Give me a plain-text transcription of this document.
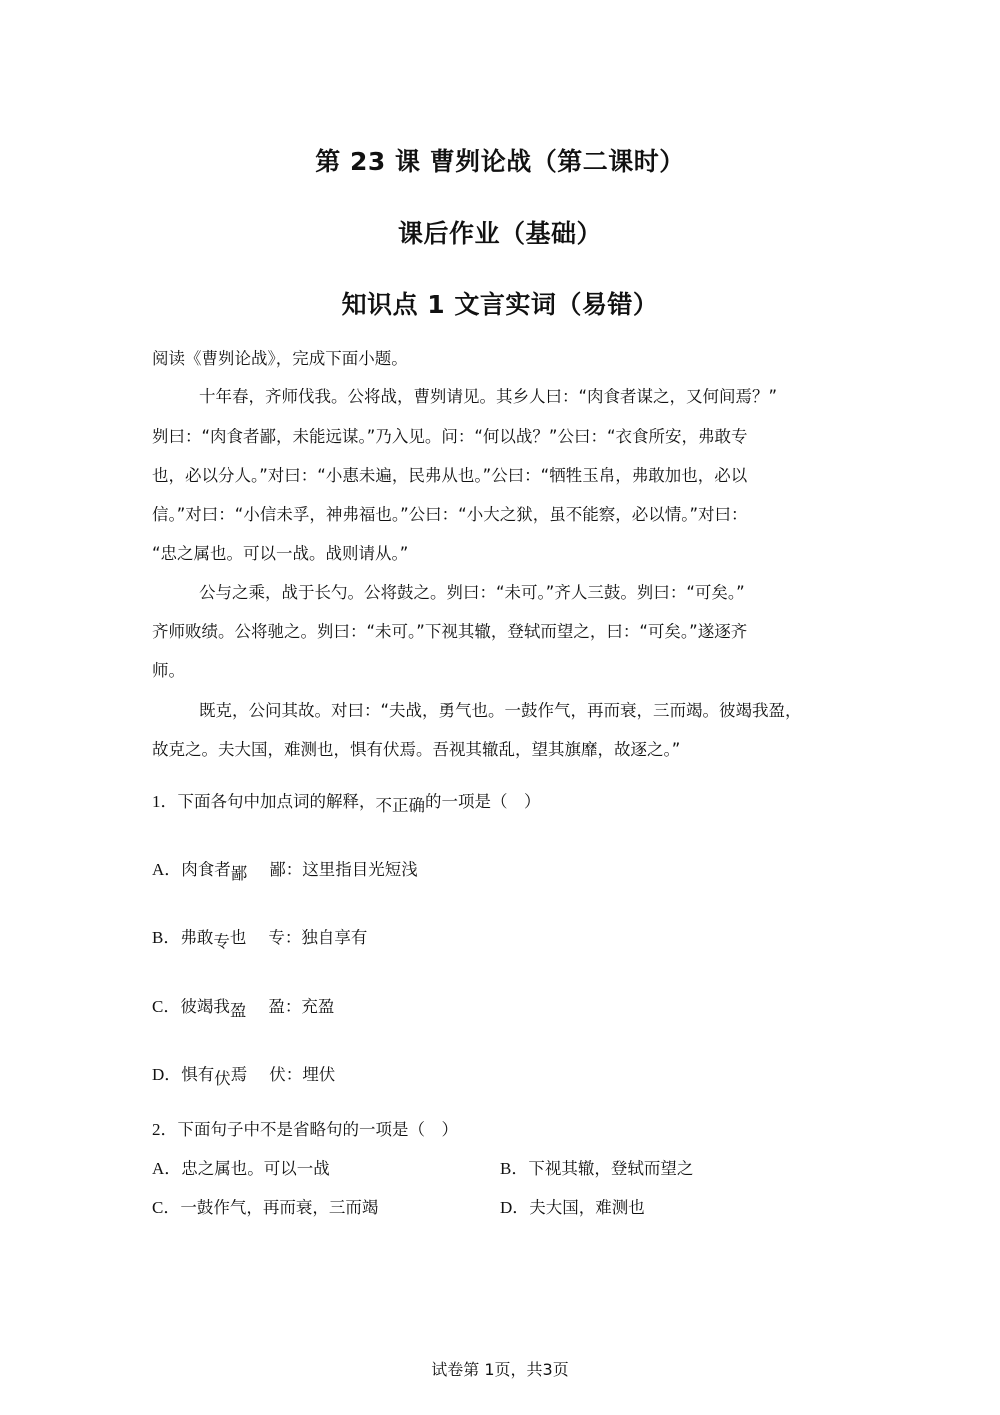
第 23 课 曹刿论战（第二课时）
课后作业（基础）
知识点 1 文言实词（易错）
阅读《曹刿论战》，完成下面小题。
十年春，齐师伐我。公将战，曹刿请见。其乡人曰：“肉食者谋之，又何间焉？”
刿曰：“肉食者鄙，未能远谋。”乃入见。问：“何以战？”公曰：“衣食所安，弗敢专
也，必以分人。”对曰：“小惠未遍，民弗从也。”公曰：“牺牲玉帛，弗敢加也，必以
信。”对曰：“小信未孚，神弗福也。”公曰：“小大之狱，虽不能察，必以情。”对曰：
“忠之属也。可以一战。战则请从。”
公与之乘，战于长勺。公将鼓之。刿曰：“未可。”齐人三鼓。刿曰：“可矣。”
齐师败绩。公将驰之。刿曰：“未可。”下视其辙，登轼而望之，曰：“可矣。”遂逐齐
师。
既克，公问其故。对曰：“夫战，勇气也。一鼓作气，再而衰，三而竭。彼竭我盈，
故克之。夫大国，难测也，惧有伏焉。吾视其辙乱，望其旗靡，故逐之。”
1．下面各句中加点词的解释，不正确的一项是（　）
A．肉食者鄙 鄙：这里指目光短浅
B．弗敢专也 专：独自享有
C．彼竭我盈 盈：充盈
D．惧有伏焉 伏：埋伏
2．下面句子中不是省略句的一项是（　）
A．忠之属也。可以一战	B．下视其辙，登轼而望之
C．一鼓作气，再而衰，三而竭	D．夫大国，难测也
试卷第 1页，共3页
